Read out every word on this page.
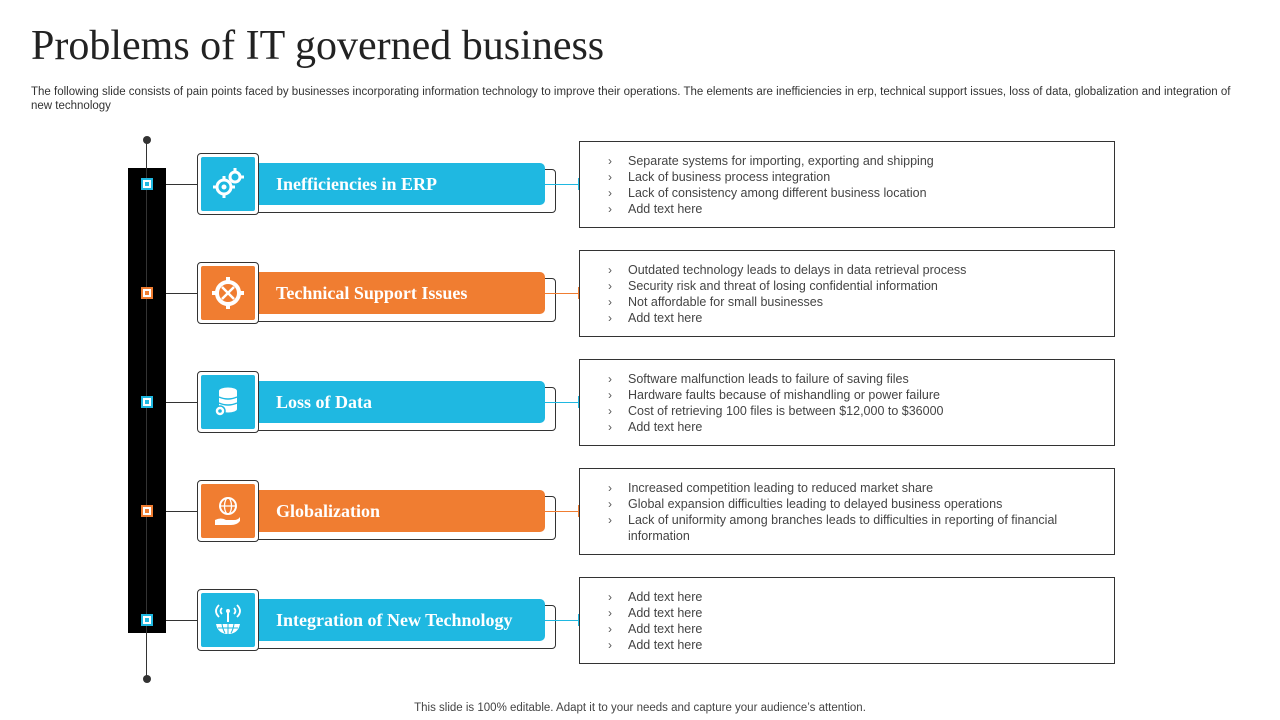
Problems of IT governed business

The following slide consists of pain points faced by businesses incorporating information technology to improve their operations. The elements are inefficiencies in erp, technical support issues, loss of data, globalization and integration of new technology

Inefficiencies in ERP
› Separate systems for importing, exporting and shipping
› Lack of business process integration
› Lack of consistency among different business location
› Add text here
Technical Support Issues
› Outdated technology leads to delays in data retrieval process
› Security risk and threat of losing confidential information
› Not affordable for small businesses
› Add text here
Loss of Data
› Software malfunction leads to failure of saving files
› Hardware faults because of mishandling or power failure
› Cost of retrieving 100 files is between $12,000 to $36000
› Add text here
Globalization
› Increased competition leading to reduced market share
› Global expansion difficulties leading to delayed business operations
› Lack of uniformity among branches leads to difficulties in reporting of financial information
Integration of New Technology
› Add text here
› Add text here
› Add text here
› Add text here

This slide is 100% editable. Adapt it to your needs and capture your audience’s attention.
